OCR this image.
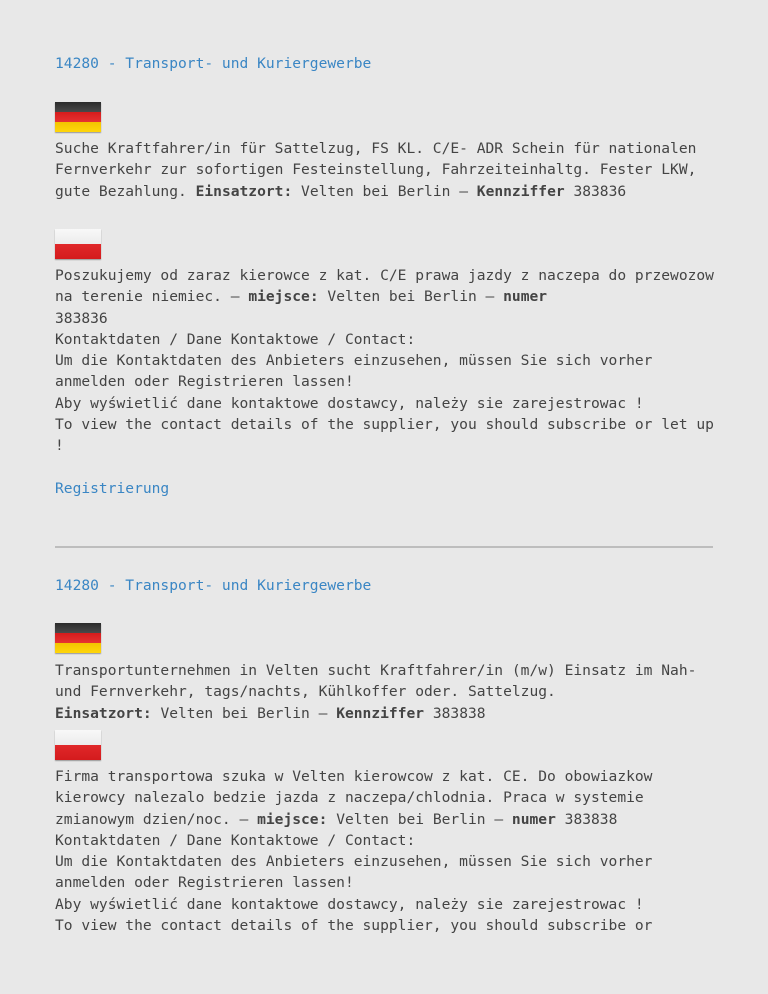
14280 - Transport- und Kuriergewerbe

Suche Kraftfahrer/in für Sattelzug, FS KL. C/E- ADR Schein für nationalen Fernverkehr zur sofortigen Festeinstellung, Fahrzeiteinhaltg. Fester LKW, gute Bezahlung. Einsatzort: Velten bei Berlin – Kennziffer 383836

Poszukujemy od zaraz kierowce z kat. C/E prawa jazdy z naczepa do przewozow na terenie niemiec. – miejsce: Velten bei Berlin – numer
383836
Kontaktdaten / Dane Kontaktowe / Contact:
Um die Kontaktdaten des Anbieters einzusehen, müssen Sie sich vorher anmelden oder Registrieren lassen!
Aby wyświetlić dane kontaktowe dostawcy, należy sie zarejestrowac !
To view the contact details of the supplier, you should subscribe or let up !

Registrierung
14280 - Transport- und Kuriergewerbe

Transportunternehmen in Velten sucht Kraftfahrer/in (m/w) Einsatz im Nah- und Fernverkehr, tags/nachts, Kühlkoffer oder. Sattelzug.
Einsatzort: Velten bei Berlin – Kennziffer 383838

Firma transportowa szuka w Velten kierowcow z kat. CE. Do obowiazkow kierowcy nalezalo bedzie jazda z naczepa/chlodnia. Praca w systemie zmianowym dzien/noc. – miejsce: Velten bei Berlin – numer 383838
Kontaktdaten / Dane Kontaktowe / Contact:
Um die Kontaktdaten des Anbieters einzusehen, müssen Sie sich vorher anmelden oder Registrieren lassen!
Aby wyświetlić dane kontaktowe dostawcy, należy sie zarejestrowac !
To view the contact details of the supplier, you should subscribe or
